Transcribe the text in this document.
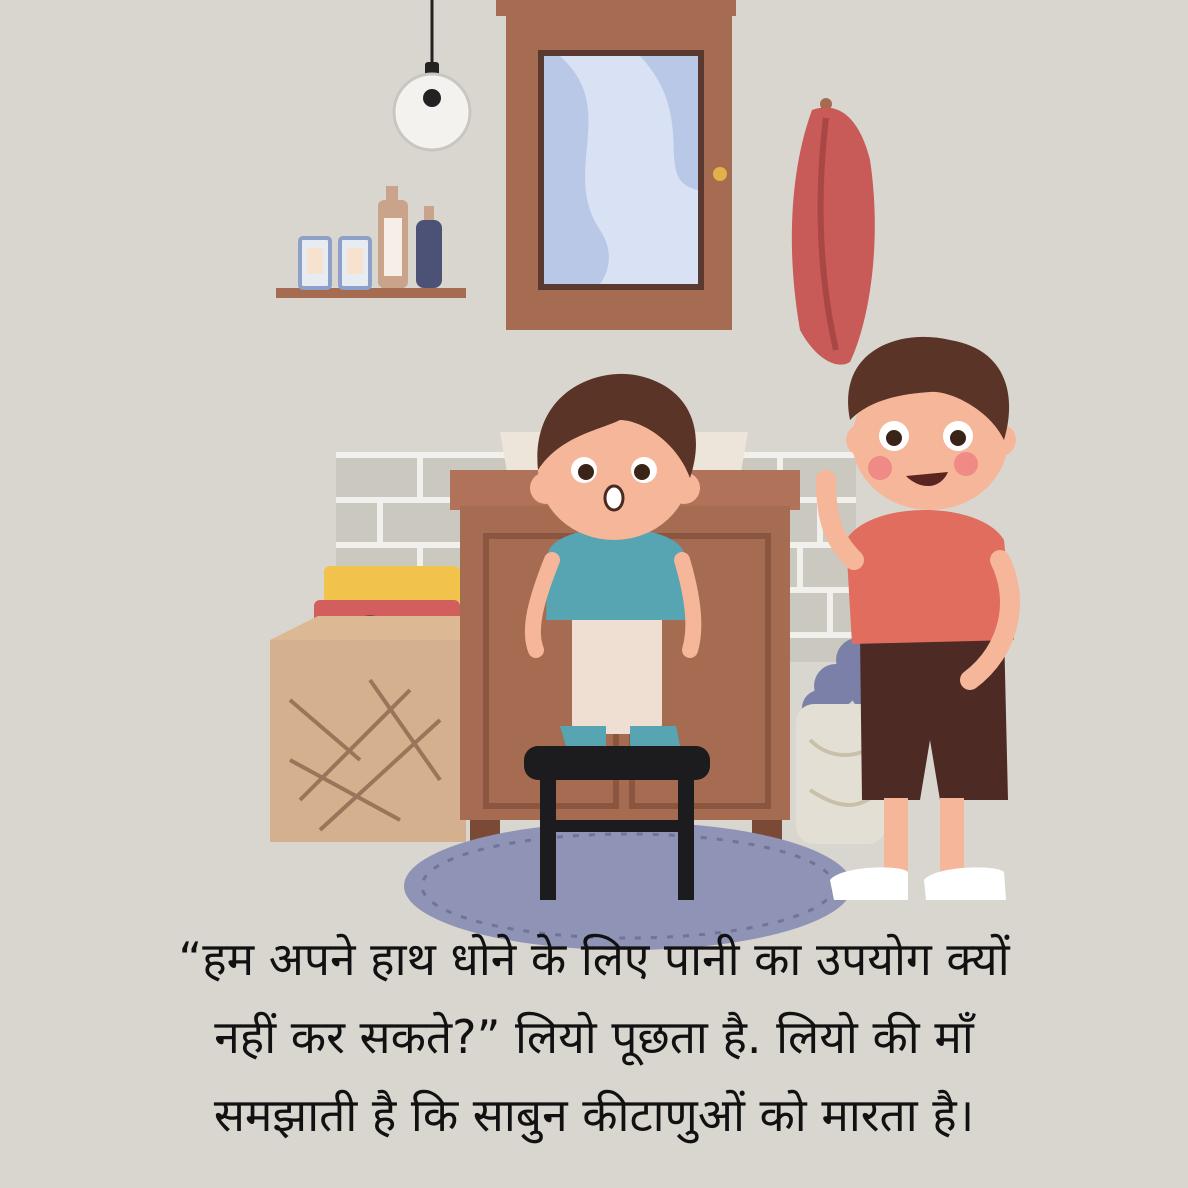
“हम अपने हाथ धोने के लिए पानी का उपयोग क्यों
नहीं कर सकते?” लियो पूछता है. लियो की माँ
समझाती है कि साबुन कीटाणुओं को मारता है।
